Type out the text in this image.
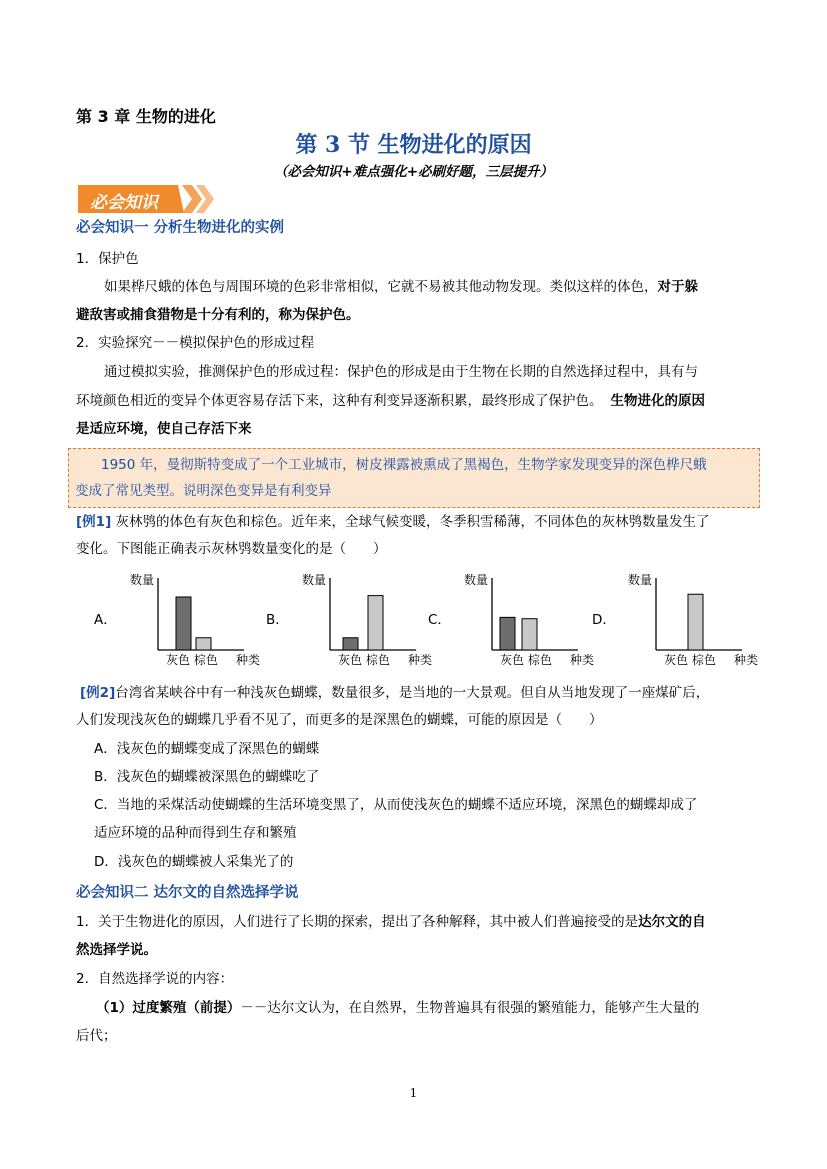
第 3 章 生物的进化
第 3 节 生物进化的原因
（必会知识+难点强化+必刷好题，三层提升）
必会知识
必会知识一 分析生物进化的实例
1．保护色
如果桦尺蛾的体色与周围环境的色彩非常相似，它就不易被其他动物发现。类似这样的体色，对于躲
避敌害或捕食猎物是十分有利的，称为保护色。
2．实验探究－－模拟保护色的形成过程
通过模拟实验，推测保护色的形成过程：保护色的形成是由于生物在长期的自然选择过程中，具有与
环境颜色相近的变异个体更容易存活下来，这种有利变异逐渐积累，最终形成了保护色。 生物进化的原因
是适应环境，使自己存活下来
1950 年，曼彻斯特变成了一个工业城市，树皮裸露被熏成了黑褐色，生物学家发现变异的深色桦尺蛾
变成了常见类型。说明深色变异是有利变异
[例1] 灰林鸮的体色有灰色和棕色。近年来，全球气候变暖，冬季积雪稀薄，不同体色的灰林鸮数量发生了
变化。下图能正确表示灰林鸮数量变化的是（　　）
A．
数量
灰色 棕色 种类
B．
数量
灰色 棕色 种类
C．
数量
灰色 棕色 种类
D．
数量
灰色 棕色 种类
[例2]台湾省某峡谷中有一种浅灰色蝴蝶，数量很多，是当地的一大景观。但自从当地发现了一座煤矿后，
人们发现浅灰色的蝴蝶几乎看不见了，而更多的是深黑色的蝴蝶，可能的原因是（　　）
A．浅灰色的蝴蝶变成了深黑色的蝴蝶
B．浅灰色的蝴蝶被深黑色的蝴蝶吃了
C．当地的采煤活动使蝴蝶的生活环境变黑了，从而使浅灰色的蝴蝶不适应环境，深黑色的蝴蝶却成了
适应环境的品种而得到生存和繁殖
D．浅灰色的蝴蝶被人采集光了的
必会知识二 达尔文的自然选择学说
1．关于生物进化的原因，人们进行了长期的探索，提出了各种解释，其中被人们普遍接受的是达尔文的自
然选择学说。
2．自然选择学说的内容：
（1）过度繁殖（前提）－－达尔文认为，在自然界，生物普遍具有很强的繁殖能力，能够产生大量的
后代；
1
